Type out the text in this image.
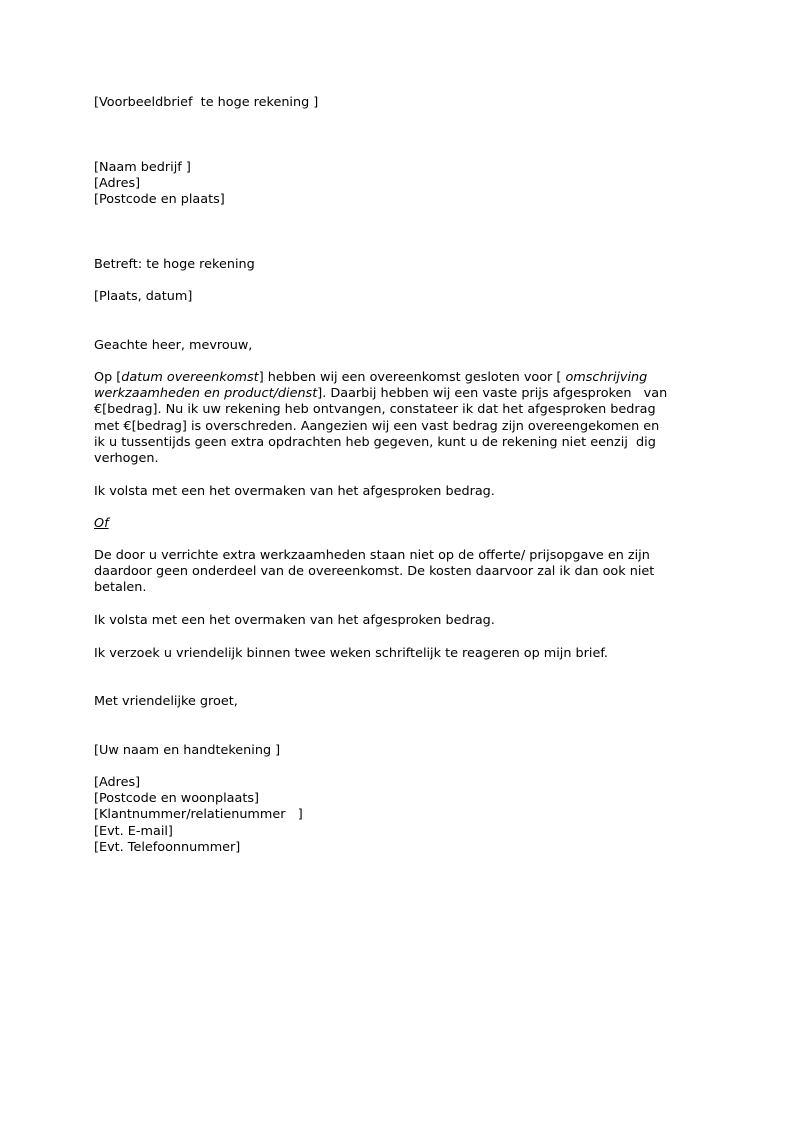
[Voorbeeldbrief  te hoge rekening ]

[Naam bedrijf ]

[Adres]

[Postcode en plaats]

Betreft: te hoge rekening

[Plaats, datum]

Geachte heer, mevrouw,

Op [datum overeenkomst] hebben wij een overeenkomst gesloten voor [ omschrijving
werkzaamheden en product/dienst]. Daarbij hebben wij een vaste prijs afgesproken   van
€[bedrag]. Nu ik uw rekening heb ontvangen, constateer ik dat het afgesproken bedrag
met €[bedrag] is overschreden. Aangezien wij een vast bedrag zijn overeengekomen en
ik u tussentijds geen extra opdrachten heb gegeven, kunt u de rekening niet eenzij  dig
verhogen.

Ik volsta met een het overmaken van het afgesproken bedrag.

Of

De door u verrichte extra werkzaamheden staan niet op de offerte/ prijsopgave en zijn
daardoor geen onderdeel van de overeenkomst. De kosten daarvoor zal ik dan ook niet
betalen.

Ik volsta met een het overmaken van het afgesproken bedrag.

Ik verzoek u vriendelijk binnen twee weken schriftelijk te reageren op mijn brief.

Met vriendelijke groet,

[Uw naam en handtekening ]

[Adres]

[Postcode en woonplaats]

[Klantnummer/relatienummer   ]

[Evt. E-mail]

[Evt. Telefoonnummer]
